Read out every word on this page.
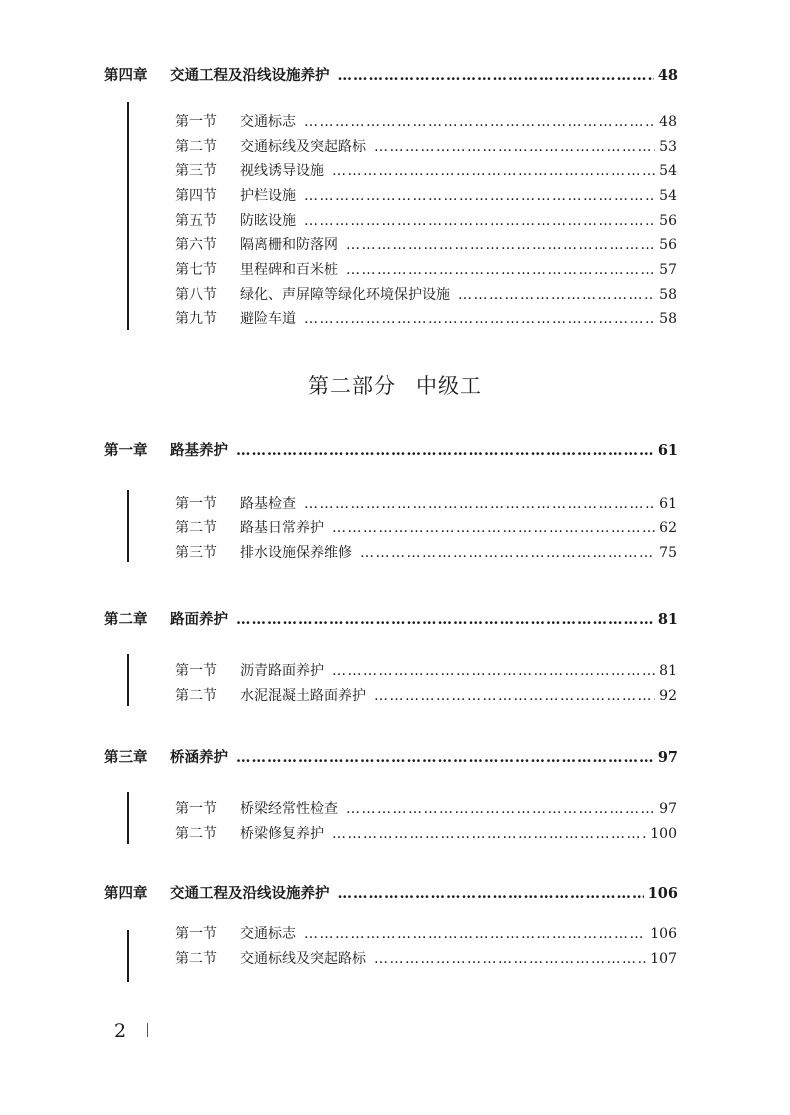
第四章	交通工程及沿线设施养护 ……………………………………………………………………………………………………………………………………………………	48
第一节	交通标志 ……………………………………………………………………………………………………………………………………………………	48
第二节	交通标线及突起路标 ……………………………………………………………………………………………………………………………………………………	53
第三节	视线诱导设施 ……………………………………………………………………………………………………………………………………………………	54
第四节	护栏设施 ……………………………………………………………………………………………………………………………………………………	54
第五节	防眩设施 ……………………………………………………………………………………………………………………………………………………	56
第六节	隔离栅和防落网 ……………………………………………………………………………………………………………………………………………………	56
第七节	里程碑和百米桩 ……………………………………………………………………………………………………………………………………………………	57
第八节	绿化、声屏障等绿化环境保护设施 ……………………………………………………………………………………………………………………………………………………	58
第九节	避险车道 ……………………………………………………………………………………………………………………………………………………	58
第二部分 中级工
第一章	路基养护 ……………………………………………………………………………………………………………………………………………………	61
第一节	路基检查 ……………………………………………………………………………………………………………………………………………………	61
第二节	路基日常养护 ……………………………………………………………………………………………………………………………………………………	62
第三节	排水设施保养维修 ……………………………………………………………………………………………………………………………………………………	75
第二章	路面养护 ……………………………………………………………………………………………………………………………………………………	81
第一节	沥青路面养护 ……………………………………………………………………………………………………………………………………………………	81
第二节	水泥混凝土路面养护 ……………………………………………………………………………………………………………………………………………………	92
第三章	桥涵养护 ……………………………………………………………………………………………………………………………………………………	97
第一节	桥梁经常性检查 ……………………………………………………………………………………………………………………………………………………	97
第二节	桥梁修复养护 ……………………………………………………………………………………………………………………………………………………	100
第四章	交通工程及沿线设施养护 ……………………………………………………………………………………………………………………………………………………	106
第一节	交通标志 ……………………………………………………………………………………………………………………………………………………	106
第二节	交通标线及突起路标 ……………………………………………………………………………………………………………………………………………………	107
2
